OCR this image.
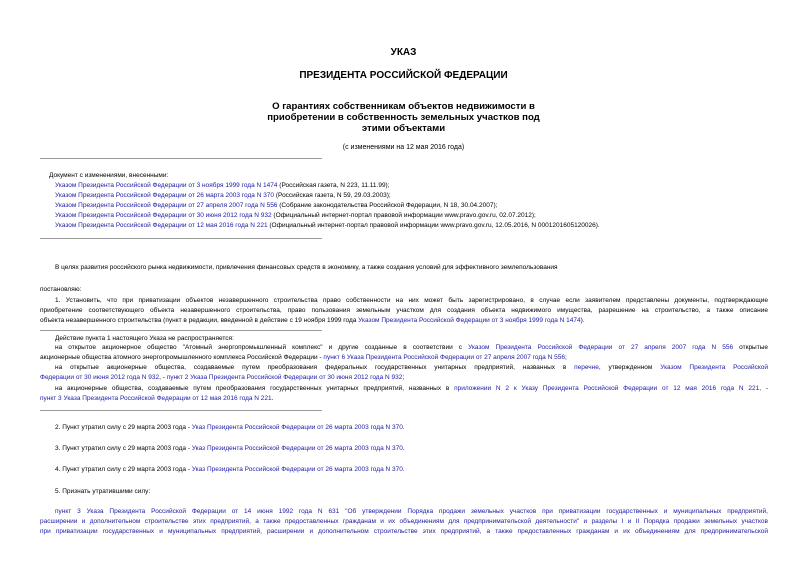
УКАЗ
ПРЕЗИДЕНТА РОССИЙСКОЙ ФЕДЕРАЦИИ
О гарантиях собственникам объектов недвижимости в
приобретении в собственность земельных участков под
этими объектами
(с изменениями на 12 мая 2016 года)
Документ с изменениями, внесенными:
Указом Президента Российской Федерации от 3 ноября 1999 года N 1474 (Российская газета, N 223, 11.11.99);
Указом Президента Российской Федерации от 26 марта 2003 года N 370 (Российская газета, N 59, 29.03.2003);
Указом Президента Российской Федерации от 27 апреля 2007 года N 556 (Собрание законодательства Российской Федерации, N 18, 30.04.2007);
Указом Президента Российской Федерации от 30 июня 2012 года N 932 (Официальный интернет-портал правовой информации www.pravo.gov.ru, 02.07.2012);
Указом Президента Российской Федерации от 12 мая 2016 года N 221 (Официальный интернет-портал правовой информации www.pravo.gov.ru, 12.05.2016, N 0001201605120026).
В целях развития российского рынка недвижимости, привлечения финансовых средств в экономику, а также создания условий для эффективного землепользования
постановляю:
1. Установить, что при приватизации объектов незавершенного строительства право собственности на них может быть зарегистрировано, в случае если заявителем представлены документы, подтверждающие
приобретение соответствующего объекта незавершенного строительства, право пользования земельным участком для создания объекта недвижимого имущества, разрешение на строительство, а также описание
объекта незавершенного строительства (пункт в редакции, введенной в действие с 19 ноября 1999 года Указом Президента Российской Федерации от 3 ноября 1999 года N 1474).
Действие пункта 1 настоящего Указа не распространяется:
на открытое акционерное общество "Атомный энергопромышленный комплекс" и другие созданные в соответствии с Указом Президента Российской Федерации от 27 апреля 2007 года N 556 открытые
акционерные общества атомного энергопромышленного комплекса Российской Федерации - пункт 6 Указа Президента Российской Федерации от 27 апреля 2007 года N 556;
на открытые акционерные общества, создаваемые путем преобразования федеральных государственных унитарных предприятий, названных в перечне, утвержденном Указом Президента Российской
Федерации от 30 июня 2012 года N 932, - пункт 2 Указа Президента Российской Федерации от 30 июня 2012 года N 932;
на акционерные общества, создаваемые путем преобразования государственных унитарных предприятий, названных в приложении N 2 к Указу Президента Российской Федерации от 12 мая 2016 года N 221, -
пункт 3 Указа Президента Российской Федерации от 12 мая 2016 года N 221.
2. Пункт утратил силу с 29 марта 2003 года - Указ Президента Российской Федерации от 26 марта 2003 года N 370.
3. Пункт утратил силу с 29 марта 2003 года - Указ Президента Российской Федерации от 26 марта 2003 года N 370.
4. Пункт утратил силу с 29 марта 2003 года - Указ Президента Российской Федерации от 26 марта 2003 года N 370.
5. Признать утратившими силу:
пункт 3 Указа Президента Российской Федерации от 14 июня 1992 года N 631 "Об утверждении Порядка продажи земельных участков при приватизации государственных и муниципальных предприятий,
расширении и дополнительном строительстве этих предприятий, а также предоставленных гражданам и их объединениям для предпринимательской деятельности" и разделы I и II Порядка продажи земельных участков
при приватизации государственных и муниципальных предприятий, расширении и дополнительном строительстве этих предприятий, а также предоставленных гражданам и их объединениям для предпринимательской
